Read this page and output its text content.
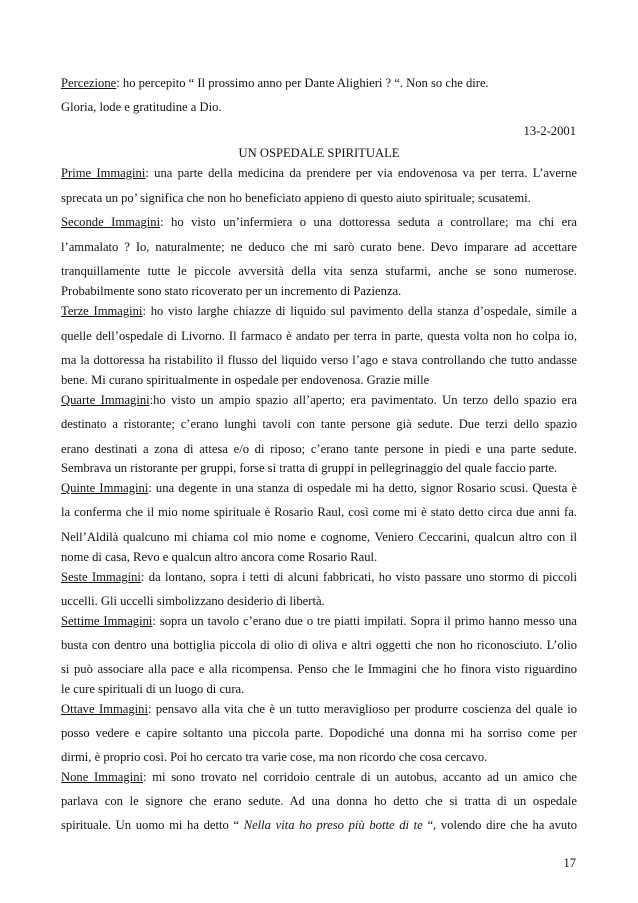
Percezione: ho percepito “ Il prossimo anno per Dante Alighieri ? “. Non so che dire.
Gloria, lode e gratitudine a Dio.
Prime Immagini: una parte della medicina da prendere per via endovenosa va per terra. L’averne
sprecata un po’ significa che non ho beneficiato appieno di questo aiuto spirituale; scusatemi.
Seconde Immagini: ho visto un’infermiera o una dottoressa seduta a controllare; ma chi era
l’ammalato ? Io, naturalmente; ne deduco che mi sarò curato bene. Devo imparare ad accettare
tranquillamente tutte le piccole avversità della vita senza stufarmi, anche se sono numerose.
Probabilmente sono stato ricoverato per un incremento di Pazienza.
Terze Immagini: ho visto larghe chiazze di liquido sul pavimento della stanza d’ospedale, simile a
quelle dell’ospedale di Livorno. Il farmaco è andato per terra in parte, questa volta non ho colpa io,
ma la dottoressa ha ristabilito il flusso del liquido verso l’ago e stava controllando che tutto andasse
bene. Mi curano spiritualmente in ospedale per endovenosa. Grazie mille
Quarte Immagini:ho visto un ampio spazio all’aperto; era pavimentato. Un terzo dello spazio era
destinato a ristorante; c’erano lunghi tavoli con tante persone già sedute. Due terzi dello spazio
erano destinati a zona di attesa e/o di riposo; c’erano tante persone in piedi e una parte sedute.
Sembrava un ristorante per gruppi, forse si tratta di gruppi in pellegrinaggio del quale faccio parte.
Quinte Immagini: una degente in una stanza di ospedale mi ha detto, signor Rosario scusi. Questa è
la conferma che il mio nome spirituale è Rosario Raul, così come mi è stato detto circa due anni fa.
Nell’Aldilà qualcuno mi chiama col mio nome e cognome, Veniero Ceccarini, qualcun altro con il
nome di casa, Revo e qualcun altro ancora come Rosario Raul.
Seste Immagini: da lontano, sopra i tetti di alcuni fabbricati, ho visto passare uno stormo di piccoli
uccelli. Gli uccelli simbolizzano desiderio di libertà.
Settime Immagini: sopra un tavolo c’erano due o tre piatti impilati. Sopra il primo hanno messo una
busta con dentro una bottiglia piccola di olio di oliva e altri oggetti che non ho riconosciuto. L’olio
si può associare alla pace e alla ricompensa. Penso che le Immagini che ho finora visto riguardino
le cure spirituali di un luogo di cura.
Ottave Immagini: pensavo alla vita che è un tutto meraviglioso per produrre coscienza del quale io
posso vedere e capire soltanto una piccola parte. Dopodiché una donna mi ha sorriso come per
dirmi, è proprio così. Poi ho cercato tra varie cose, ma non ricordo che cosa cercavo.
None Immagini: mi sono trovato nel corridoio centrale di un autobus, accanto ad un amico che
parlava con le signore che erano sedute. Ad una donna ho detto che si tratta di un ospedale
spirituale. Un uomo mi ha detto “ Nella vita ho preso più botte di te “, volendo dire che ha avuto
13-2-2001
UN OSPEDALE SPIRITUALE
17
